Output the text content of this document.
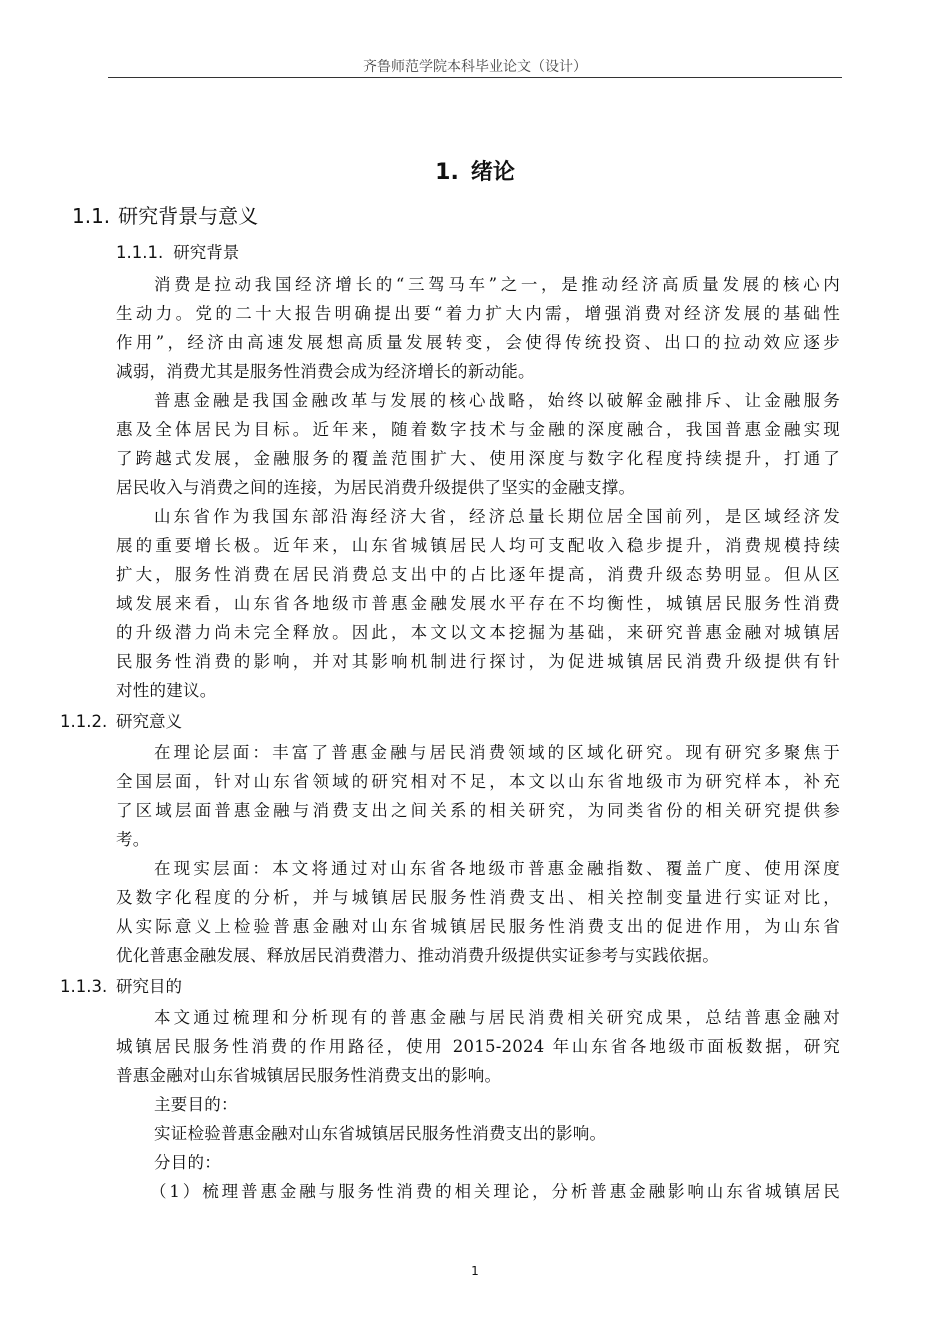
齐鲁师范学院本科毕业论文（设计）
1. 绪论
1.1. 研究背景与意义
1.1.1. 研究背景
消费是拉动我国经济增长的“三驾马车”之一，是推动经济高质量发展的核心内
生动力。党的二十大报告明确提出要“着力扩大内需，增强消费对经济发展的基础性
作用”，经济由高速发展想高质量发展转变，会使得传统投资、出口的拉动效应逐步
减弱，消费尤其是服务性消费会成为经济增长的新动能。
普惠金融是我国金融改革与发展的核心战略，始终以破解金融排斥、让金融服务
惠及全体居民为目标。近年来，随着数字技术与金融的深度融合，我国普惠金融实现
了跨越式发展，金融服务的覆盖范围扩大、使用深度与数字化程度持续提升，打通了
居民收入与消费之间的连接，为居民消费升级提供了坚实的金融支撑。
山东省作为我国东部沿海经济大省，经济总量长期位居全国前列，是区域经济发
展的重要增长极。近年来，山东省城镇居民人均可支配收入稳步提升，消费规模持续
扩大，服务性消费在居民消费总支出中的占比逐年提高，消费升级态势明显。但从区
域发展来看，山东省各地级市普惠金融发展水平存在不均衡性，城镇居民服务性消费
的升级潜力尚未完全释放。因此，本文以文本挖掘为基础，来研究普惠金融对城镇居
民服务性消费的影响，并对其影响机制进行探讨，为促进城镇居民消费升级提供有针
对性的建议。
1.1.2. 研究意义
在理论层面：丰富了普惠金融与居民消费领域的区域化研究。现有研究多聚焦于
全国层面，针对山东省领域的研究相对不足，本文以山东省地级市为研究样本，补充
了区域层面普惠金融与消费支出之间关系的相关研究，为同类省份的相关研究提供参
考。
在现实层面：本文将通过对山东省各地级市普惠金融指数、覆盖广度、使用深度
及数字化程度的分析，并与城镇居民服务性消费支出、相关控制变量进行实证对比，
从实际意义上检验普惠金融对山东省城镇居民服务性消费支出的促进作用，为山东省
优化普惠金融发展、释放居民消费潜力、推动消费升级提供实证参考与实践依据。
1.1.3. 研究目的
本文通过梳理和分析现有的普惠金融与居民消费相关研究成果，总结普惠金融对
城镇居民服务性消费的作用路径，使用 2015-2024 年山东省各地级市面板数据，研究
普惠金融对山东省城镇居民服务性消费支出的影响。
主要目的：
实证检验普惠金融对山东省城镇居民服务性消费支出的影响。
分目的：
（1）梳理普惠金融与服务性消费的相关理论，分析普惠金融影响山东省城镇居民
1
